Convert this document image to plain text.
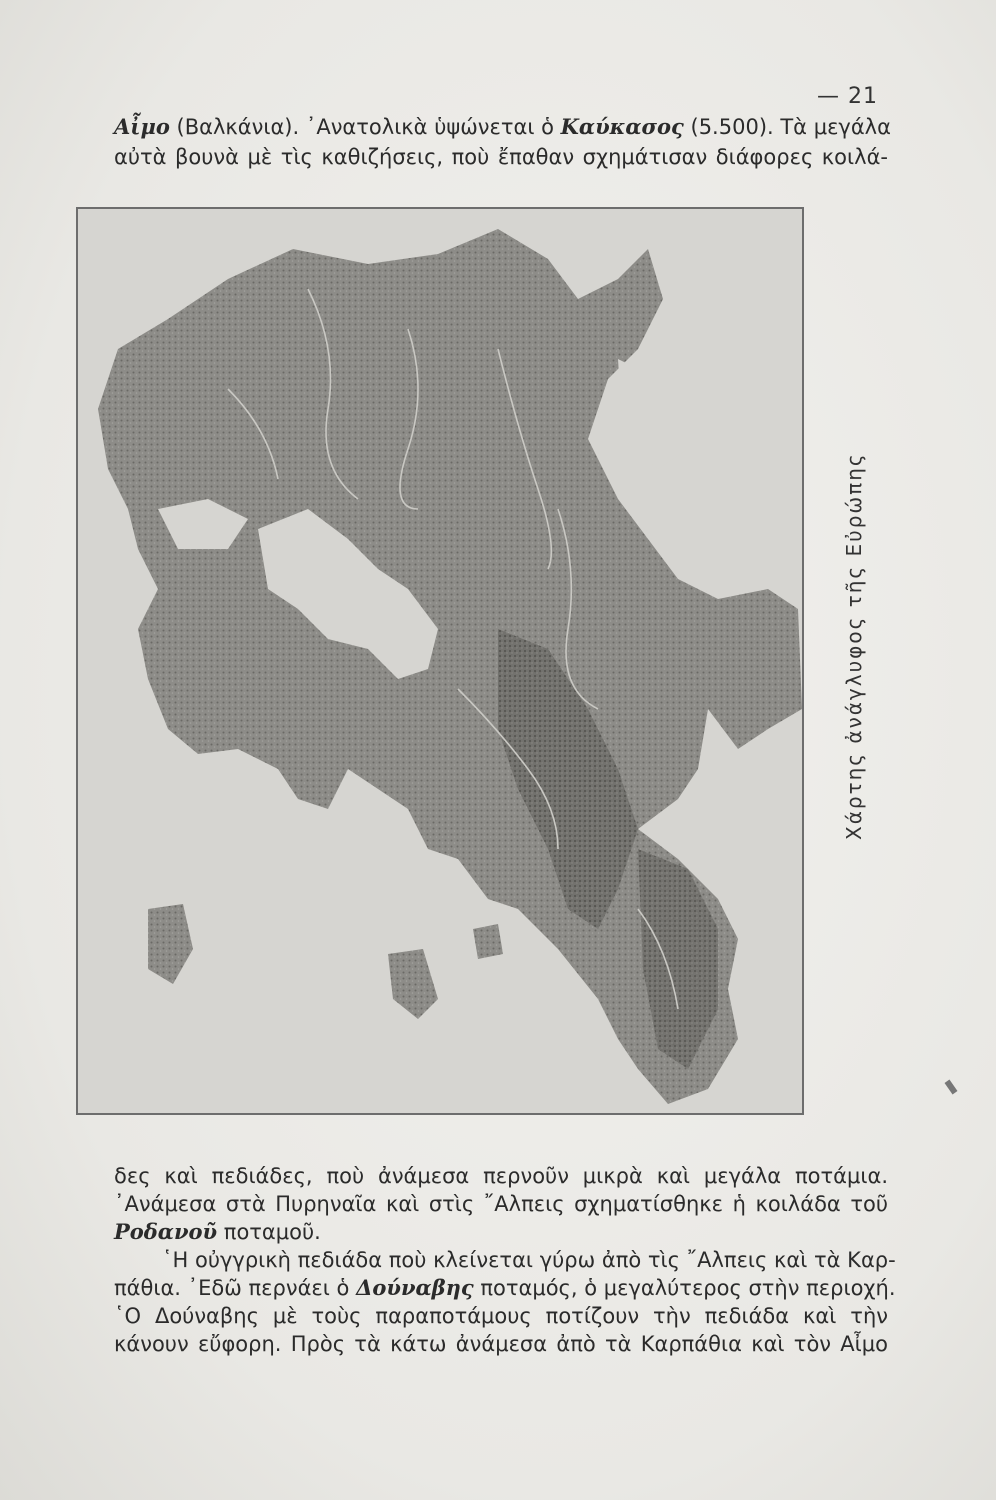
— 21
Αἶμο (Βαλκάνια). ᾿Ανατολικὰ ὑψώνεται ὁ Καύκασος (5.500). Τὰ μεγάλα
αὐτὰ βουνὰ μὲ τὶς καθιζήσεις, ποὺ ἔπαθαν σχημάτισαν διάφορες κοιλά-
Χάρτης ἀνάγλυφος τῆς Εὐρώπης
δες καὶ πεδιάδες, ποὺ ἀνάμεσα περνοῦν μικρὰ καὶ μεγάλα ποτάμια.
᾿Ανάμεσα στὰ Πυρηναῖα καὶ στὶς ῎Αλπεις σχηματίσθηκε ἡ κοιλάδα τοῦ
Ροδανοῦ ποταμοῦ.
῾Η οὐγγρικὴ πεδιάδα ποὺ κλείνεται γύρω ἀπὸ τὶς ῎Αλπεις καὶ τὰ Καρ-
πάθια. ᾿Εδῶ περνάει ὁ Δούναβης ποταμός, ὁ μεγαλύτερος στὴν περιοχή.
῾Ο Δούναβης μὲ τοὺς παραποτάμους ποτίζουν τὴν πεδιάδα καὶ τὴν
κάνουν εὔφορη. Πρὸς τὰ κάτω ἀνάμεσα ἀπὸ τὰ Καρπάθια καὶ τὸν Αἶμο
